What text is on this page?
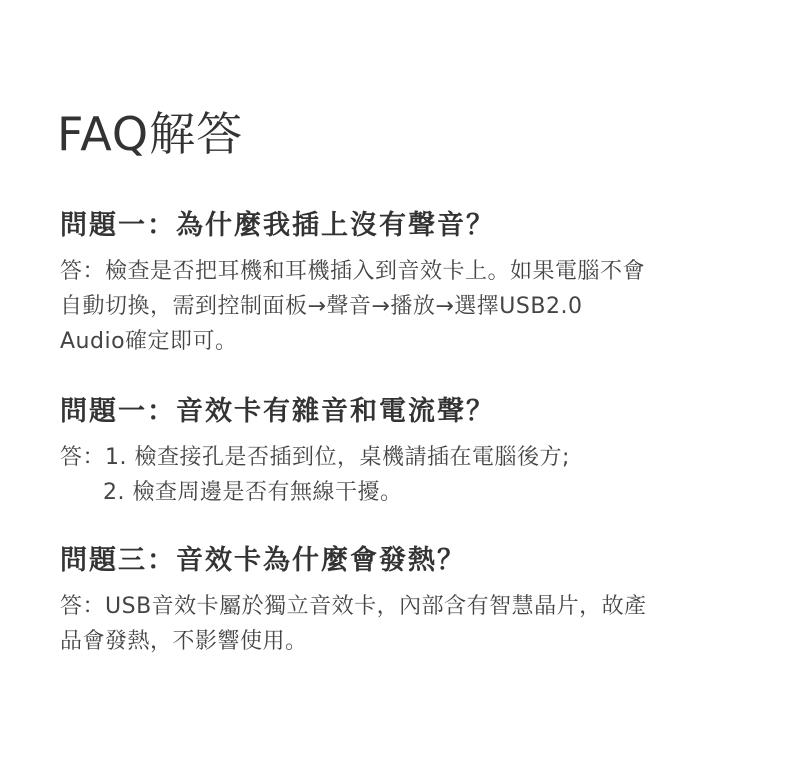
FAQ解答
問題一：為什麼我插上沒有聲音？

答：檢查是否把耳機和耳機插入到音效卡上。如果電腦不會
自動切換，需到控制面板→聲音→播放→選擇USB2.0
Audio確定即可。

問題一：音效卡有雜音和電流聲？

答：1. 檢查接孔是否插到位，桌機請插在電腦後方;
2. 檢查周邊是否有無線干擾。

問題三：音效卡為什麼會發熱？

答：USB音效卡屬於獨立音效卡，內部含有智慧晶片，故產
品會發熱，不影響使用。
